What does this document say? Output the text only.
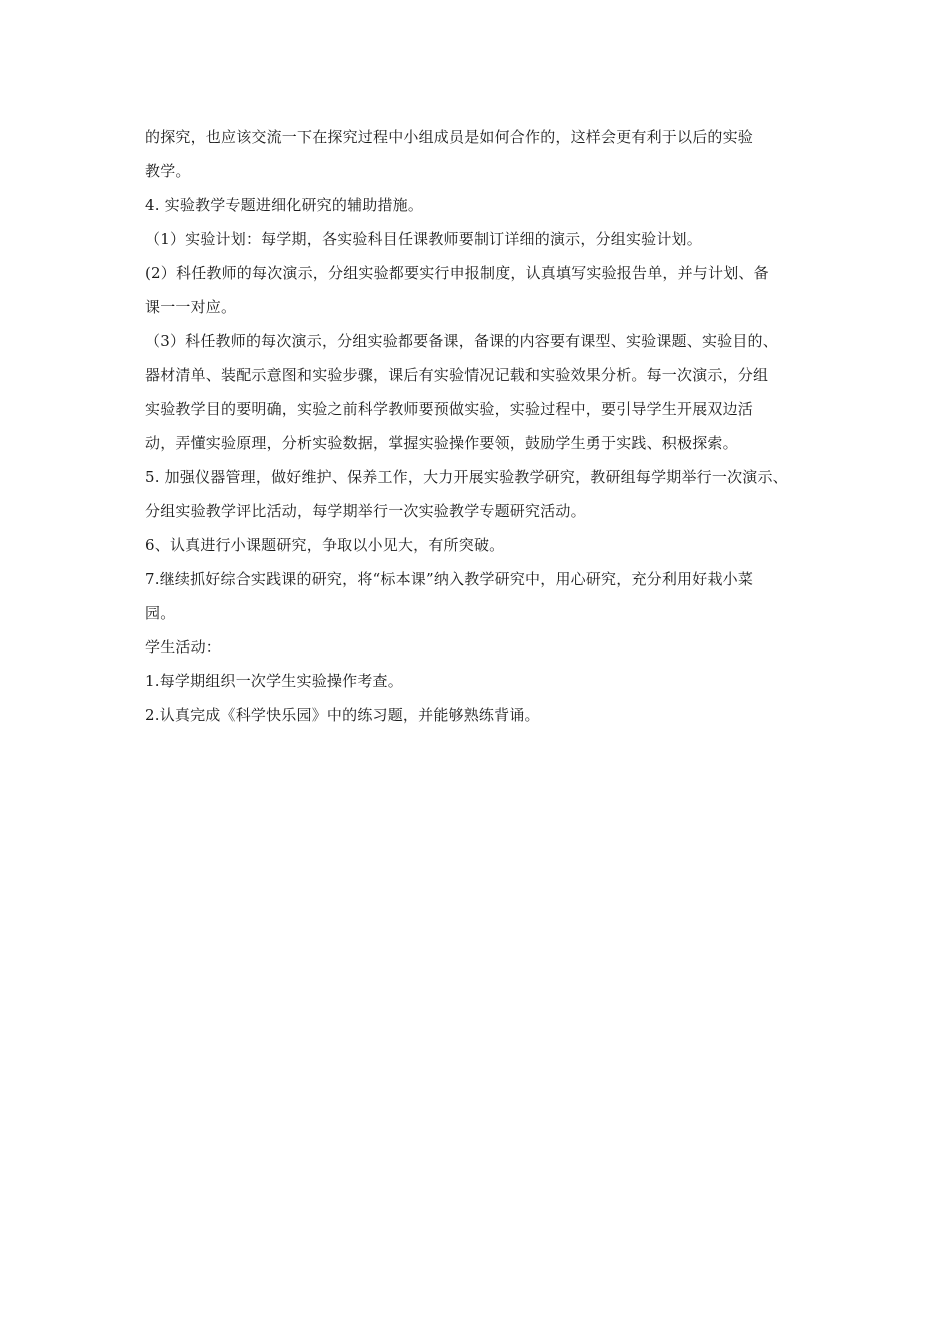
的探究，也应该交流一下在探究过程中小组成员是如何合作的，这样会更有利于以后的实验
教学。
4. 实验教学专题进细化研究的辅助措施。
（1）实验计划：每学期，各实验科目任课教师要制订详细的演示，分组实验计划。
(2）科任教师的每次演示，分组实验都要实行申报制度，认真填写实验报告单，并与计划、备
课一一对应。
（3）科任教师的每次演示，分组实验都要备课，备课的内容要有课型、实验课题、实验目的、
器材清单、装配示意图和实验步骤，课后有实验情况记载和实验效果分析。每一次演示，分组
实验教学目的要明确，实验之前科学教师要预做实验，实验过程中，要引导学生开展双边活
动，弄懂实验原理，分析实验数据，掌握实验操作要领，鼓励学生勇于实践、积极探索。
5. 加强仪器管理，做好维护、保养工作，大力开展实验教学研究，教研组每学期举行一次演示、
分组实验教学评比活动，每学期举行一次实验教学专题研究活动。
6、认真进行小课题研究，争取以小见大，有所突破。
7.继续抓好综合实践课的研究，将“标本课”纳入教学研究中，用心研究，充分利用好栽小菜
园。
学生活动：
1.每学期组织一次学生实验操作考查。
2.认真完成《科学快乐园》中的练习题，并能够熟练背诵。
